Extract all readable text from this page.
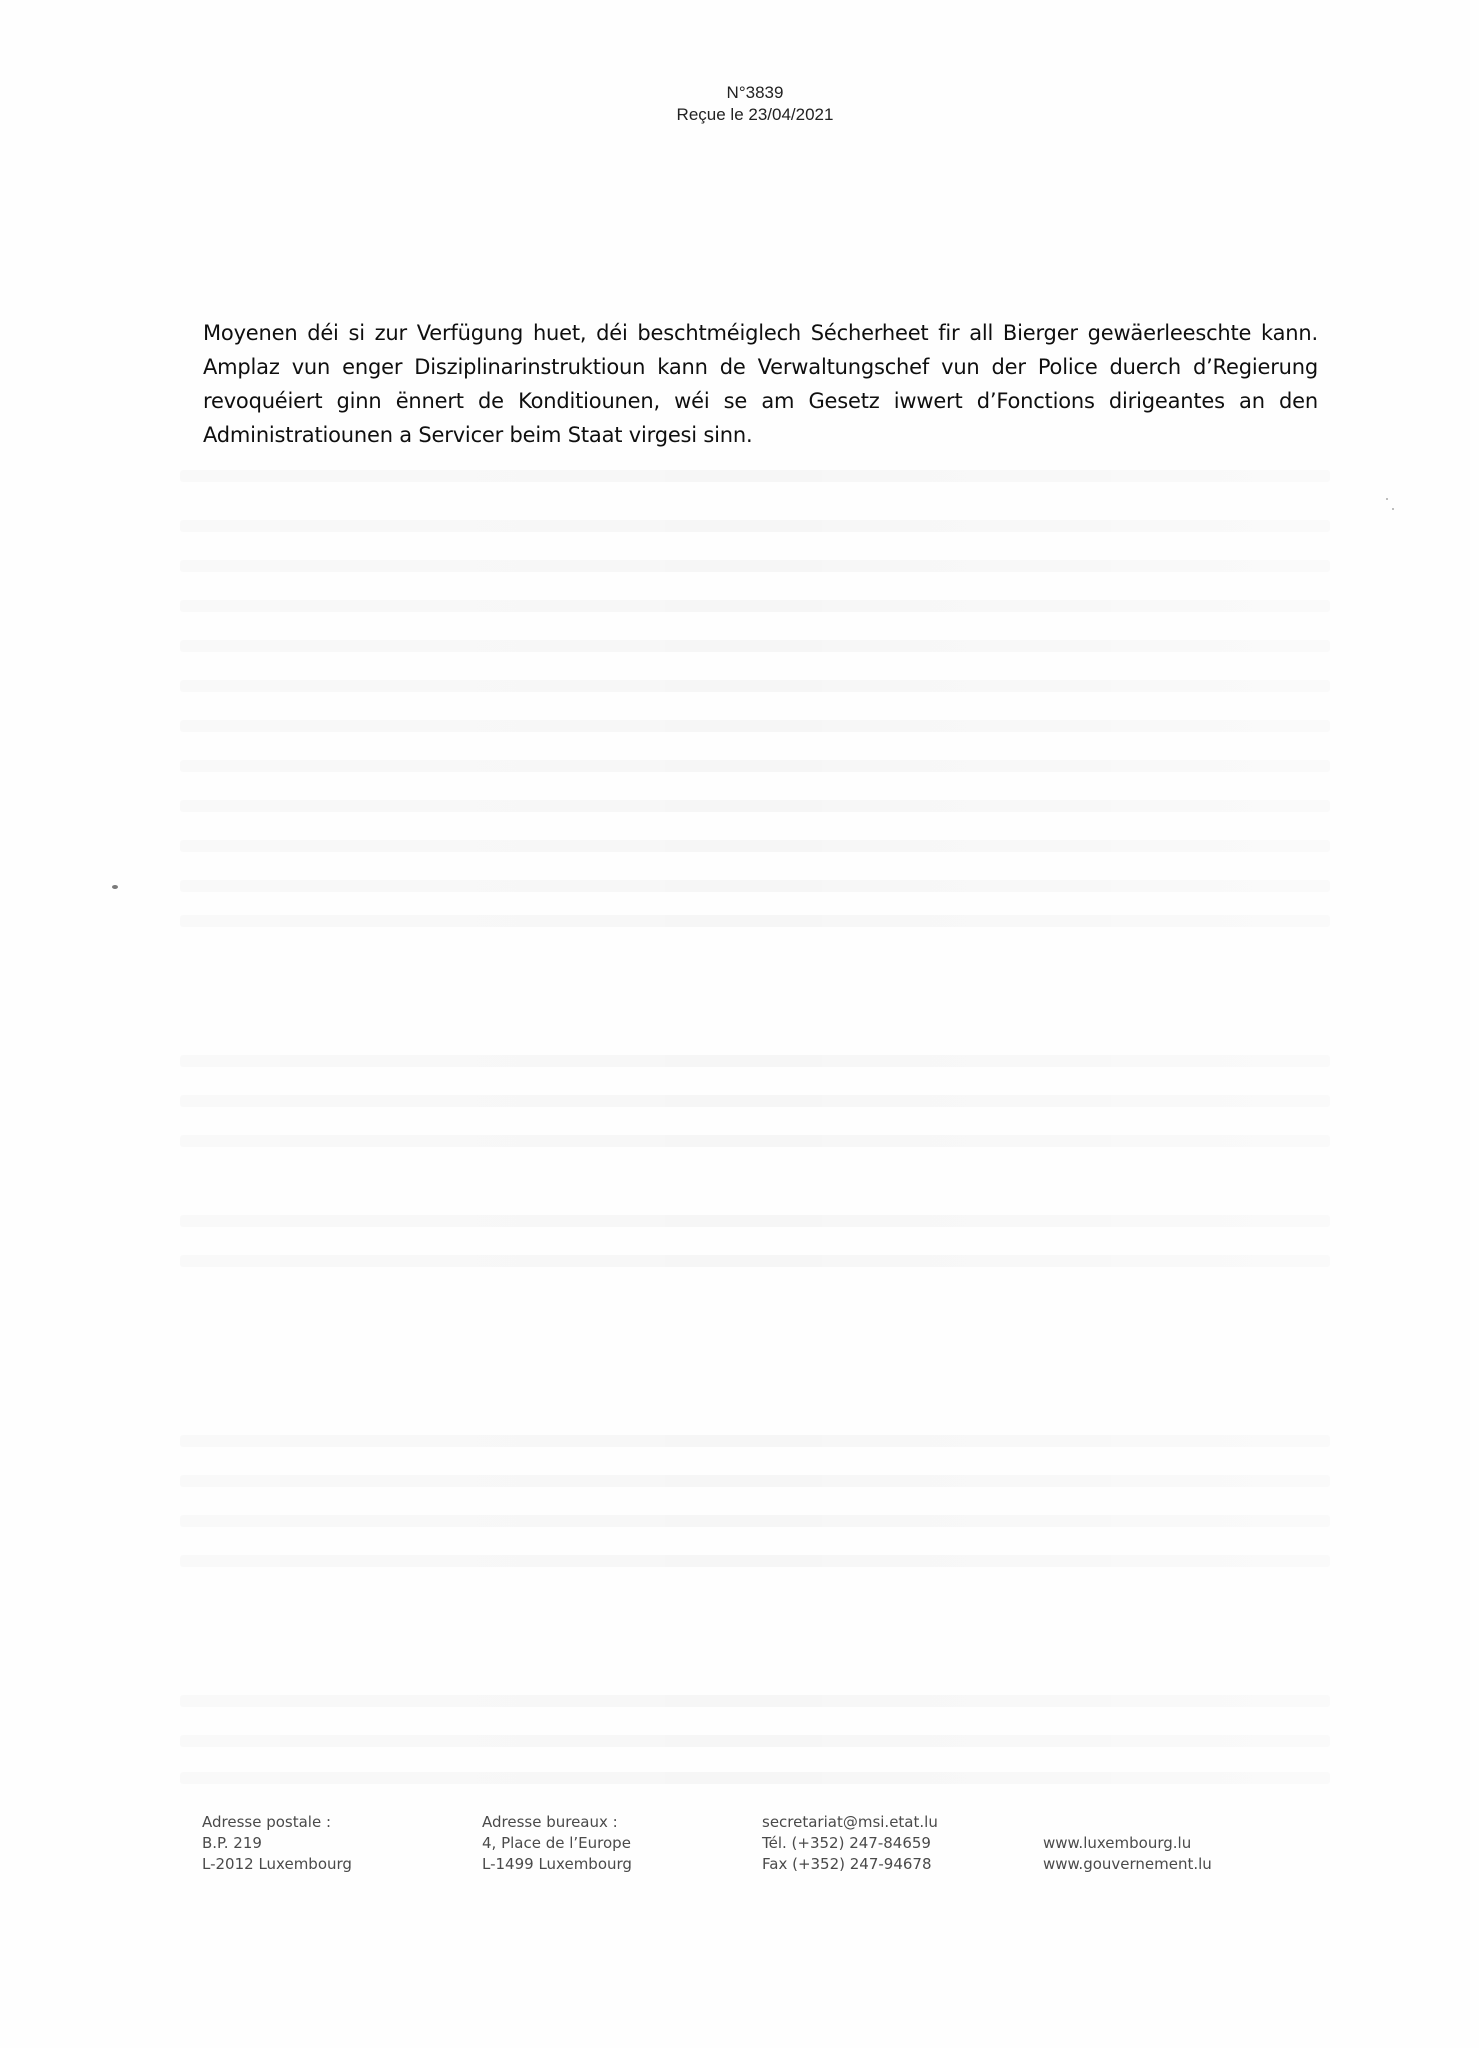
N°3839
Reçue le 23/04/2021

Moyenen déi si zur Verfügung huet, déi beschtméiglech Sécherheet fir all Bierger gewäerleeschte kann. Amplaz vun enger Disziplinarinstruktioun kann de Verwaltungschef vun der Police duerch d’Regierung revoquéiert ginn ënnert de Konditiounen, wéi se am Gesetz iwwert d’Fonctions dirigeantes an den Administratiounen a Servicer beim Staat virgesi sinn.

Adresse postale :
B.P. 219
L-2012 Luxembourg
Adresse bureaux :
4, Place de l’Europe
L-1499 Luxembourg
secretariat@msi.etat.lu
Tél. (+352) 247-84659
Fax (+352) 247-94678
www.luxembourg.lu
www.gouvernement.lu
